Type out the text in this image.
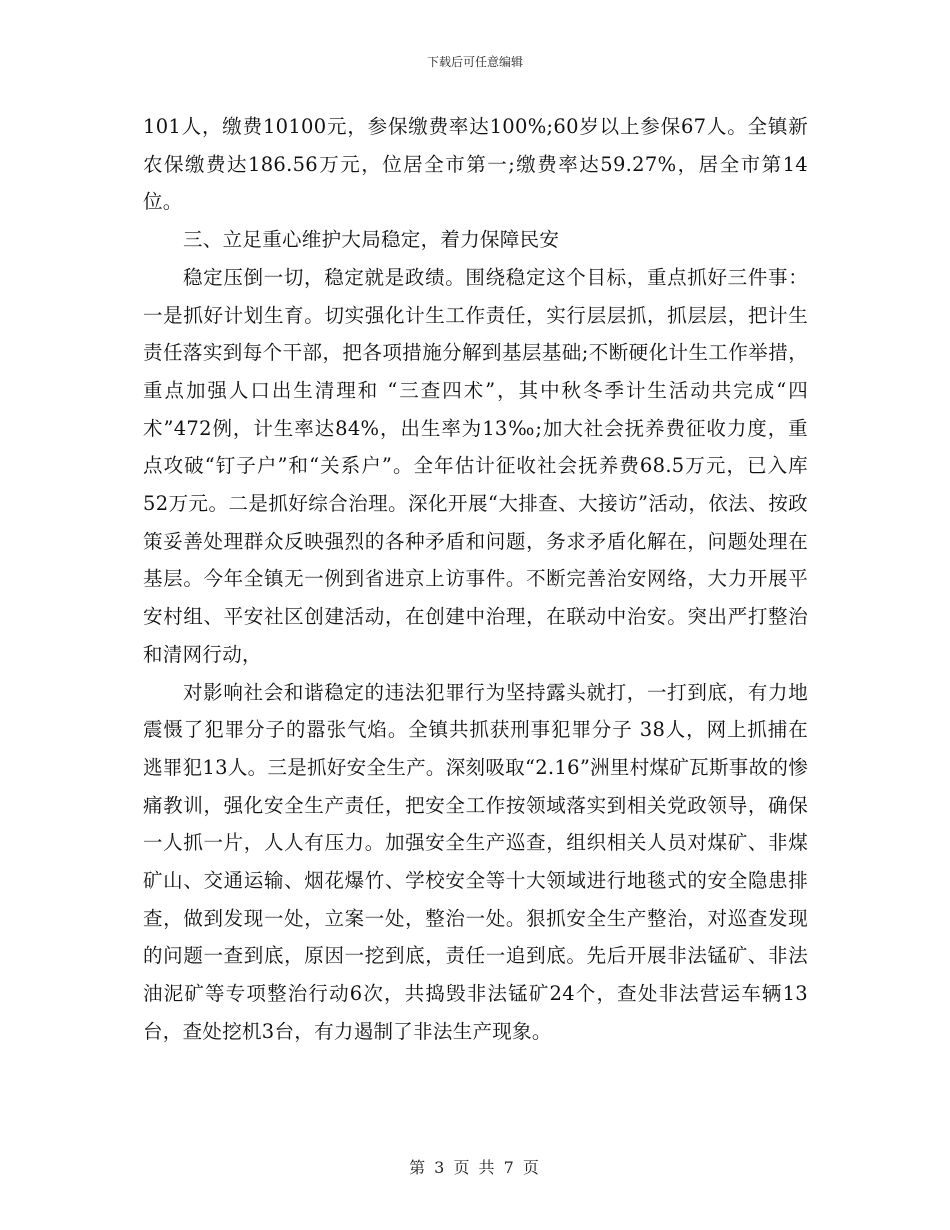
下载后可任意编辑

101人，缴费10100元，参保缴费率达100%;60岁以上参保67人。全镇新农保缴费达186.56万元，位居全市第一;缴费率达59.27%，居全市第14位。

三、立足重心维护大局稳定，着力保障民安

稳定压倒一切，稳定就是政绩。围绕稳定这个目标，重点抓好三件事：一是抓好计划生育。切实强化计生工作责任，实行层层抓，抓层层，把计生责任落实到每个干部，把各项措施分解到基层基础;不断硬化计生工作举措，重点加强人口出生清理和 “三查四术”，其中秋冬季计生活动共完成“四术”472例，计生率达84%，出生率为13‰;加大社会抚养费征收力度，重点攻破“钉子户”和“关系户”。全年估计征收社会抚养费68.5万元，已入库52万元。二是抓好综合治理。深化开展“大排查、大接访”活动，依法、按政策妥善处理群众反映强烈的各种矛盾和问题，务求矛盾化解在，问题处理在基层。今年全镇无一例到省进京上访事件。不断完善治安网络，大力开展平安村组、平安社区创建活动，在创建中治理，在联动中治安。突出严打整治和清网行动，

对影响社会和谐稳定的违法犯罪行为坚持露头就打，一打到底，有力地震慑了犯罪分子的嚣张气焰。全镇共抓获刑事犯罪分子 38人，网上抓捕在逃罪犯13人。三是抓好安全生产。深刻吸取“2.16”洲里村煤矿瓦斯事故的惨痛教训，强化安全生产责任，把安全工作按领域落实到相关党政领导，确保一人抓一片，人人有压力。加强安全生产巡查，组织相关人员对煤矿、非煤矿山、交通运输、烟花爆竹、学校安全等十大领域进行地毯式的安全隐患排查，做到发现一处，立案一处，整治一处。狠抓安全生产整治，对巡查发现的问题一查到底，原因一挖到底，责任一追到底。先后开展非法锰矿、非法油泥矿等专项整治行动6次，共捣毁非法锰矿24个，查处非法营运车辆13台，查处挖机3台，有力遏制了非法生产现象。

第 3 页 共 7 页
